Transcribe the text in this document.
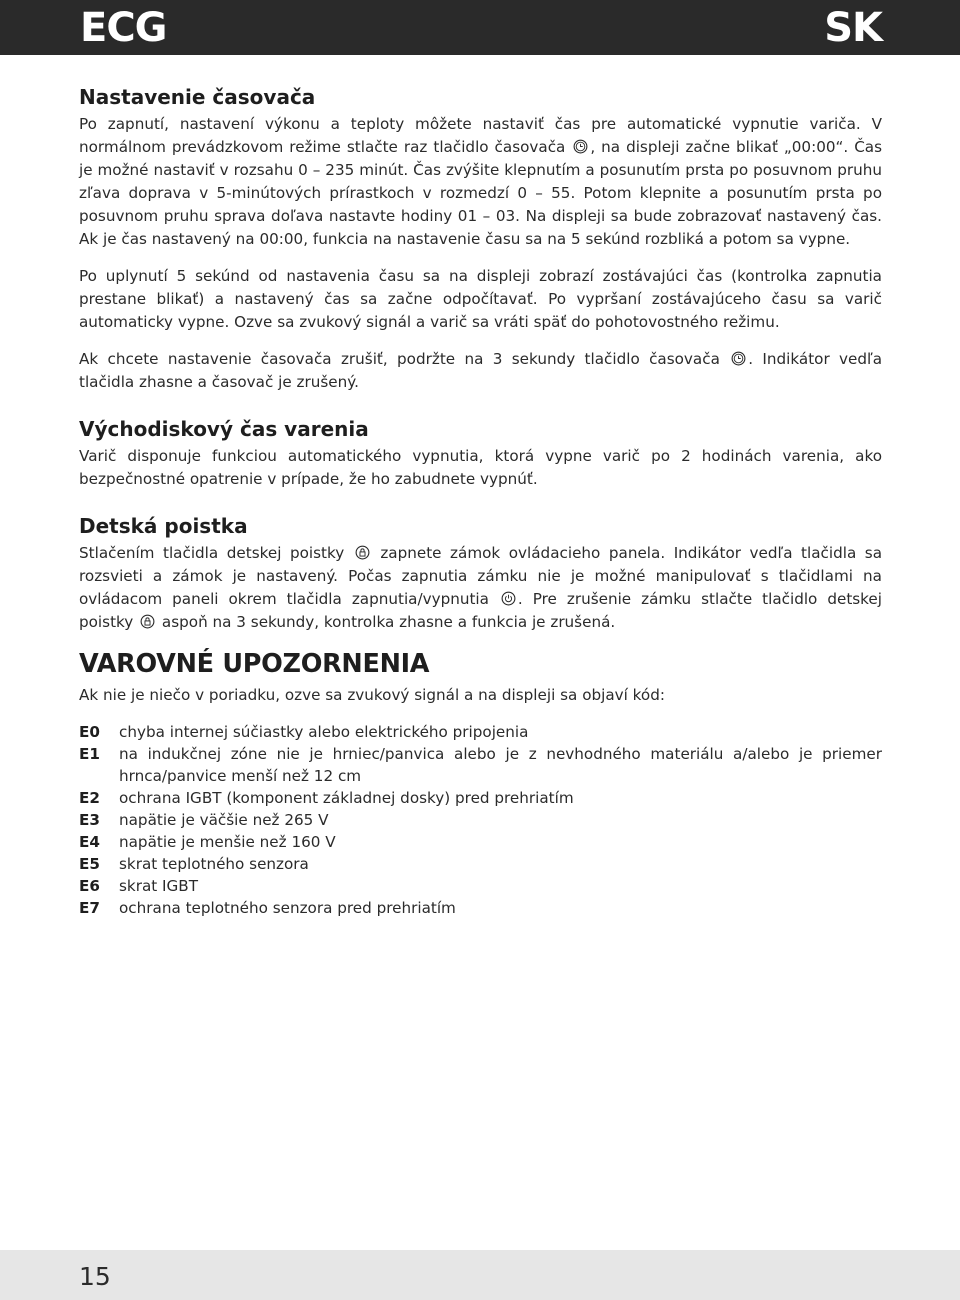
ECG	SK
Nastavenie časovača

Po zapnutí, nastavení výkonu a teploty môžete nastaviť čas pre automatické vypnutie variča. V normálnom prevádzkovom režime stlačte raz tlačidlo časovača , na displeji začne blikať „00:00“. Čas je možné nastaviť v rozsahu 0 – 235 minút. Čas zvýšite klepnutím a posunutím prsta po posuvnom pruhu zľava doprava v 5-minútových prírastkoch v rozmedzí 0 – 55. Potom klepnite a posunutím prsta po posuvnom pruhu sprava doľava nastavte hodiny 01 – 03. Na displeji sa bude zobrazovať nastavený čas. Ak je čas nastavený na 00:00, funkcia na nastavenie času sa na 5 sekúnd rozbliká a potom sa vypne.

Po uplynutí 5 sekúnd od nastavenia času sa na displeji zobrazí zostávajúci čas (kontrolka zapnutia prestane blikať) a nastavený čas sa začne odpočítavať. Po vypršaní zostávajúceho času sa varič automaticky vypne. Ozve sa zvukový signál a varič sa vráti späť do pohotovostného režimu.

Ak chcete nastavenie časovača zrušiť, podržte na 3 sekundy tlačidlo časovača . Indikátor vedľa tlačidla zhasne a časovač je zrušený.

Východiskový čas varenia

Varič disponuje funkciou automatického vypnutia, ktorá vypne varič po 2 hodinách varenia, ako bezpečnostné opatrenie v prípade, že ho zabudnete vypnúť.

Detská poistka

Stlačením tlačidla detskej poistky zapnete zámok ovládacieho panela. Indikátor vedľa tlačidla sa rozsvieti a zámok je nastavený. Počas zapnutia zámku nie je možné manipulovať s tlačidlami na ovládacom paneli okrem tlačidla zapnutia/vypnutia . Pre zrušenie zámku stlačte tlačidlo detskej poistky aspoň na 3 sekundy, kontrolka zhasne a funkcia je zrušená.

VAROVNÉ UPOZORNENIA

Ak nie je niečo v poriadku, ozve sa zvukový signál a na displeji sa objaví kód:

E0	chyba internej súčiastky alebo elektrického pripojenia
E1	na indukčnej zóne nie je hrniec/panvica alebo je z nevhodného materiálu a/alebo je priemer hrnca/panvice menší než 12 cm
E2	ochrana IGBT (komponent základnej dosky) pred prehriatím
E3	napätie je väčšie než 265 V
E4	napätie je menšie než 160 V
E5	skrat teplotného senzora
E6	skrat IGBT
E7	ochrana teplotného senzora pred prehriatím
15
